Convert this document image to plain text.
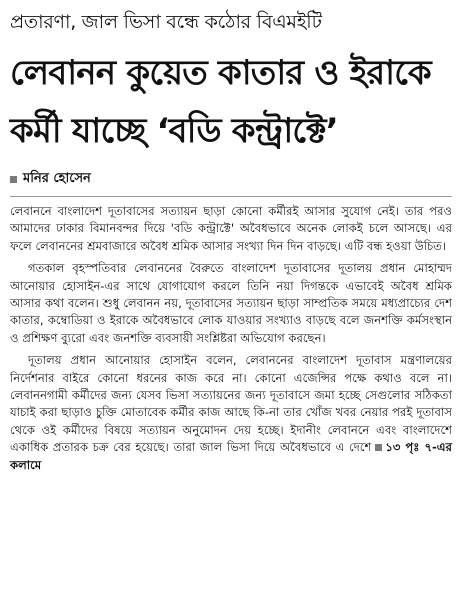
প্রতারণা, জাল ভিসা বন্ধে কঠোর বিএমইটি
লেবানন কুয়েত কাতার ও ইরাকে
কর্মী যাচ্ছে ‘বডি কন্ট্রাক্টে’
মনির হোসেন

লেবাননে বাংলাদেশ দূতাবাসের সত্যায়ন ছাড়া কোনো কর্মীরই আসার সুযোগ নেই। তার পরও আমাদের ঢাকার বিমানবন্দর দিয়ে 'বডি কন্ট্রাক্টে' অবৈধভাবে অনেক লোকই চলে আসছে। এর ফলে লেবাননের শ্রমবাজারে অবৈধ শ্রমিক আসার সংখ্যা দিন দিন বাড়ছে। এটি বন্ধ হওয়া উচিত।

গতকাল বৃহস্পতিবার লেবাননের বৈরুতে বাংলাদেশ দূতাবাসের দূতালয় প্রধান মোহাম্মদ আনোয়ার হোসাইন-এর সাথে যোগাযোগ করলে তিনি নয়া দিগন্তকে এভাবেই অবৈধ শ্রমিক আসার কথা বলেন। শুধু লেবানন নয়, দূতাবাসের সত্যায়ন ছাড়া সাম্প্রতিক সময়ে মধ্যপ্রাচ্যের দেশ কাতার, কম্বোডিয়া ও ইরাকে অবৈধভাবে লোক যাওয়ার সংখ্যাও বাড়ছে বলে জনশক্তি কর্মসংস্থান ও প্রশিক্ষণ ব্যুরো এবং জনশক্তি ব্যবসায়ী সংশ্লিষ্টরা অভিযোগ করছেন।

দূতালয় প্রধান আনোয়ার হোসাইন বলেন, লেবাননের বাংলাদেশ দূতাবাস মন্ত্রণালয়ের নির্দেশনার বাইরে কোনো ধরনের কাজ করে না। কোনো এজেন্সির পক্ষে কথাও বলে না। লেবাননগামী কর্মীদের জন্য যেসব ভিসা সত্যায়নের জন্য দূতাবাসে জমা হচ্ছে সেগুলোর সঠিকতা যাচাই করা ছাড়াও চুক্তি মোতাবেক কর্মীর কাজ আছে কি-না তার খোঁজ খবর নেয়ার পরই দূতাবাস থেকে ওই কর্মীদের বিষয়ে সত্যায়ন অনুমোদন দেয় হচ্ছে। ইদানীং লেবাননে এবং বাংলাদেশে একাধিক প্রতারক চক্র বের হয়েছে। তারা জাল ভিসা দিয়ে অবৈধভাবে এ দেশে ১৩ পৃঃ ৭-এর কলামে
